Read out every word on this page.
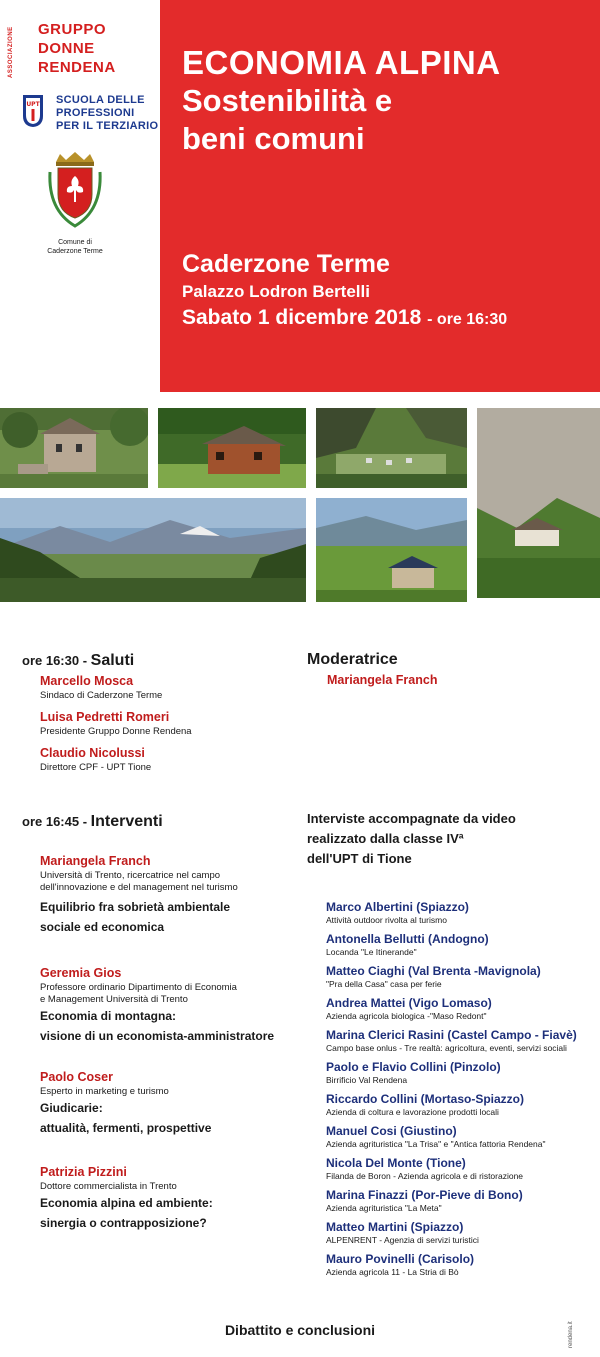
ASSOCIAZIONE GRUPPO
DONNE
RENDENA
UPT SCUOLA DELLE
PROFESSIONI
PER IL TERZIARIO
Comune di
Caderzone Terme
ECONOMIA ALPINA
Sostenibilità e
beni comuni
Caderzone Terme
Palazzo Lodron Bertelli
Sabato 1 dicembre 2018 - ore 16:30
ore 16:30 - Saluti
Marcello Mosca
Sindaco di Caderzone Terme
Luisa Pedretti Romeri
Presidente Gruppo Donne Rendena
Claudio Nicolussi
Direttore CPF - UPT Tione
ore 16:45 - Interventi
Mariangela Franch
Università di Trento, ricercatrice nel campo
dell'innovazione e del management nel turismo
Equilibrio fra sobrietà ambientale
sociale ed economica
Geremia Gios
Professore ordinario Dipartimento di Economia
e Management Università di Trento
Economia di montagna:
visione di un economista-amministratore
Paolo Coser
Esperto in marketing e turismo
Giudicarie:
attualità, fermenti, prospettive
Patrizia Pizzini
Dottore commercialista in Trento
Economia alpina ed ambiente:
sinergia o contrapposizione?
Moderatrice
Mariangela Franch
Interviste accompagnate da video
realizzato dalla classe IVª
dell'UPT di Tione
Marco Albertini (Spiazzo)
Attività outdoor rivolta al turismo
Antonella Bellutti (Andogno)
Locanda "Le Itinerande"
Matteo Ciaghi (Val Brenta -Mavignola)
"Pra della Casa" casa per ferie
Andrea Mattei (Vigo Lomaso)
Azienda agricola biologica -"Maso Redont"
Marina Clerici Rasini (Castel Campo - Fiavè)
Campo base onlus - Tre realtà: agricoltura, eventi, servizi sociali
Paolo e Flavio Collini (Pinzolo)
Birrificio Val Rendena
Riccardo Collini (Mortaso-Spiazzo)
Azienda di coltura e lavorazione prodotti locali
Manuel Cosi (Giustino)
Azienda agrituristica "La Trisa" e "Antica fattoria Rendena"
Nicola Del Monte (Tione)
Filanda de Boron - Azienda agricola e di ristorazione
Marina Finazzi (Por-Pieve di Bono)
Azienda agrituristica "La Meta"
Matteo Martini (Spiazzo)
ALPENRENT - Agenzia di servizi turistici
Mauro Povinelli (Carisolo)
Azienda agricola 11 - La Stria di Bò
Dibattito e conclusioni	rendena.it
